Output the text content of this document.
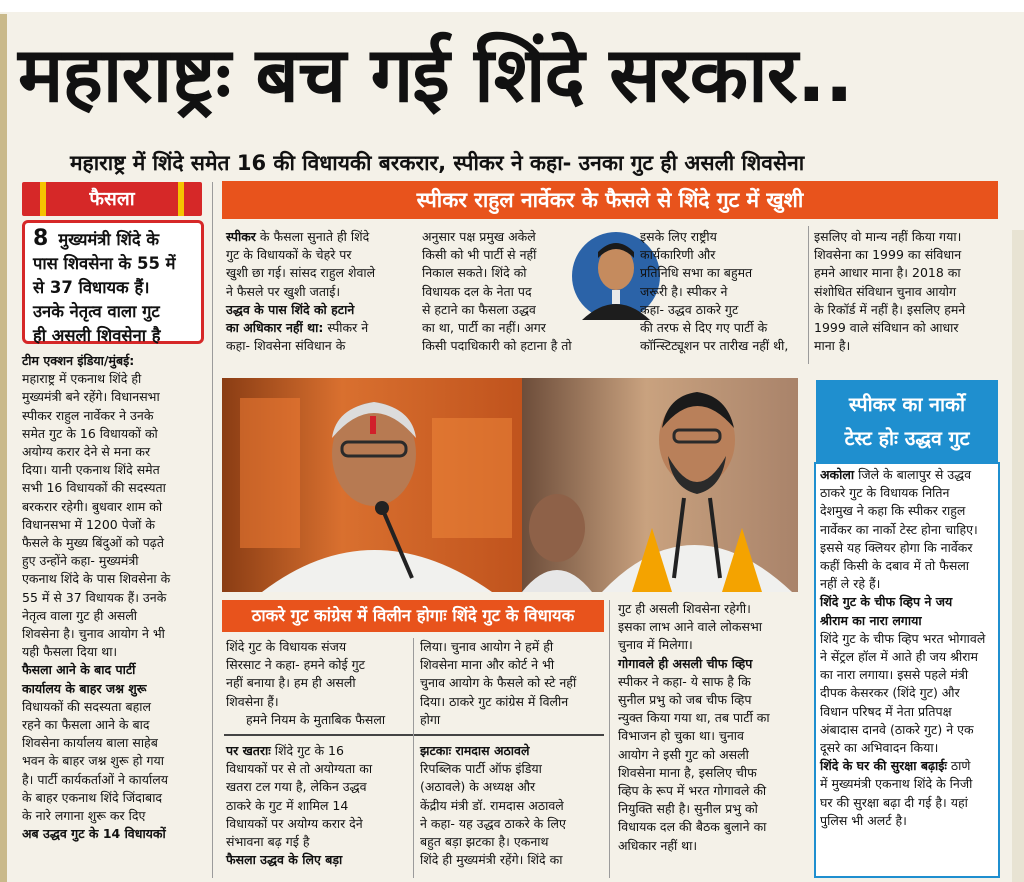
महाराष्ट्रः बच गई शिंदे सरकार..
महाराष्ट्र में शिंदे समेत 16 की विधायकी बरकरार, स्पीकर ने कहा- उनका गुट ही असली शिवसेना
फैसला
8 मुख्यमंत्री शिंदे के
पास शिवसेना के 55 में
से 37 विधायक हैं।
उनके नेतृत्व वाला गुट
ही असली शिवसेना है
टीम एक्शन इंडिया/मुंबई:
महाराष्ट्र में एकनाथ शिंदे ही
मुख्यमंत्री बने रहेंगे। विधानसभा
स्पीकर राहुल नार्वेकर ने उनके
समेत गुट के 16 विधायकों को
अयोग्य करार देने से मना कर
दिया। यानी एकनाथ शिंदे समेत
सभी 16 विधायकों की सदस्यता
बरकरार रहेगी। बुधवार शाम को
विधानसभा में 1200 पेजों के
फैसले के मुख्य बिंदुओं को पढ़ते
हुए उन्होंने कहा- मुख्यमंत्री
एकनाथ शिंदे के पास शिवसेना के
55 में से 37 विधायक हैं। उनके
नेतृत्व वाला गुट ही असली
शिवसेना है। चुनाव आयोग ने भी
यही फैसला दिया था।
फैसला आने के बाद पार्टी
कार्यालय के बाहर जश्न शुरू
विधायकों की सदस्यता बहाल
रहने का फैसला आने के बाद
शिवसेना कार्यालय बाला साहेब
भवन के बाहर जश्न शुरू हो गया
है। पार्टी कार्यकर्ताओं ने कार्यालय
के बाहर एकनाथ शिंदे जिंदाबाद
के नारे लगाना शुरू कर दिए
अब उद्धव गुट के 14 विधायकों
स्पीकर राहुल नार्वेकर के फैसले से शिंदे गुट में खुशी
स्पीकर के फैसला सुनाते ही शिंदे
गुट के विधायकों के चेहरे पर
खुशी छा गई। सांसद राहुल शेवाले
ने फैसले पर खुशी जताई।
उद्धव के पास शिंदे को हटाने
का अधिकार नहीं था: स्पीकर ने
कहा- शिवसेना संविधान के
अनुसार पक्ष प्रमुख अकेले
किसी को भी पार्टी से नहीं
निकाल सकते। शिंदे को
विधायक दल के नेता पद
से हटाने का फैसला उद्धव
का था, पार्टी का नहीं। अगर
किसी पदाधिकारी को हटाना है तो
इसके लिए राष्ट्रीय
कार्यकारिणी और
प्रतिनिधि सभा का बहुमत
जरूरी है। स्पीकर ने
कहा- उद्धव ठाकरे गुट
की तरफ से दिए गए पार्टी के
कॉन्स्टिट्यूशन पर तारीख नहीं थी,
इसलिए वो मान्य नहीं किया गया।
शिवसेना का 1999 का संविधान
हमने आधार माना है। 2018 का
संशोधित संविधान चुनाव आयोग
के रिकॉर्ड में नहीं है। इसलिए हमने
1999 वाले संविधान को आधार
माना है।
ठाकरे गुट कांग्रेस में विलीन होगाः शिंदे गुट के विधायक
शिंदे गुट के विधायक संजय
सिरसाट ने कहा- हमने कोई गुट
नहीं बनाया है। हम ही असली
शिवसेना हैं।
हमने नियम के मुताबिक फैसला
लिया। चुनाव आयोग ने हमें ही
शिवसेना माना और कोर्ट ने भी
चुनाव आयोग के फैसले को स्टे नहीं
दिया। ठाकरे गुट कांग्रेस में विलीन
होगा
पर खतराः शिंदे गुट के 16
विधायकों पर से तो अयोग्यता का
खतरा टल गया है, लेकिन उद्धव
ठाकरे के गुट में शामिल 14
विधायकों पर अयोग्य करार देने
संभावना बढ़ गई है
फैसला उद्धव के लिए बड़ा
झटकाः रामदास अठावले
रिपब्लिक पार्टी ऑफ इंडिया
(अठावले) के अध्यक्ष और
केंद्रीय मंत्री डॉ. रामदास अठावले
ने कहा- यह उद्धव ठाकरे के लिए
बहुत बड़ा झटका है। एकनाथ
शिंदे ही मुख्यमंत्री रहेंगे। शिंदे का
गुट ही असली शिवसेना रहेगी।
इसका लाभ आने वाले लोकसभा
चुनाव में मिलेगा।
गोगावले ही असली चीफ व्हिप
स्पीकर ने कहा- ये साफ है कि
सुनील प्रभु को जब चीफ व्हिप
न्युक्त किया गया था, तब पार्टी का
विभाजन हो चुका था। चुनाव
आयोग ने इसी गुट को असली
शिवसेना माना है, इसलिए चीफ
व्हिप के रूप में भरत गोगावले की
नियुक्ति सही है। सुनील प्रभु को
विधायक दल की बैठक बुलाने का
अधिकार नहीं था।
स्पीकर का नार्को
टेस्ट होः उद्धव गुट
अकोला जिले के बालापुर से उद्धव
ठाकरे गुट के विधायक नितिन
देशमुख ने कहा कि स्पीकर राहुल
नार्वेकर का नार्को टेस्ट होना चाहिए।
इससे यह क्लियर होगा कि नार्वेकर
कहीं किसी के दबाव में तो फैसला
नहीं ले रहे हैं।
शिंदे गुट के चीफ व्हिप ने जय
श्रीराम का नारा लगाया
शिंदे गुट के चीफ व्हिप भरत भोगावले
ने सेंट्रल हॉल में आते ही जय श्रीराम
का नारा लगाया। इससे पहले मंत्री
दीपक केसरकर (शिंदे गुट) और
विधान परिषद में नेता प्रतिपक्ष
अंबादास दानवे (ठाकरे गुट) ने एक
दूसरे का अभिवादन किया।
शिंदे के घर की सुरक्षा बढ़ाईः ठाणे
में मुख्यमंत्री एकनाथ शिंदे के निजी
घर की सुरक्षा बढ़ा दी गई है। यहां
पुलिस भी अलर्ट है।
